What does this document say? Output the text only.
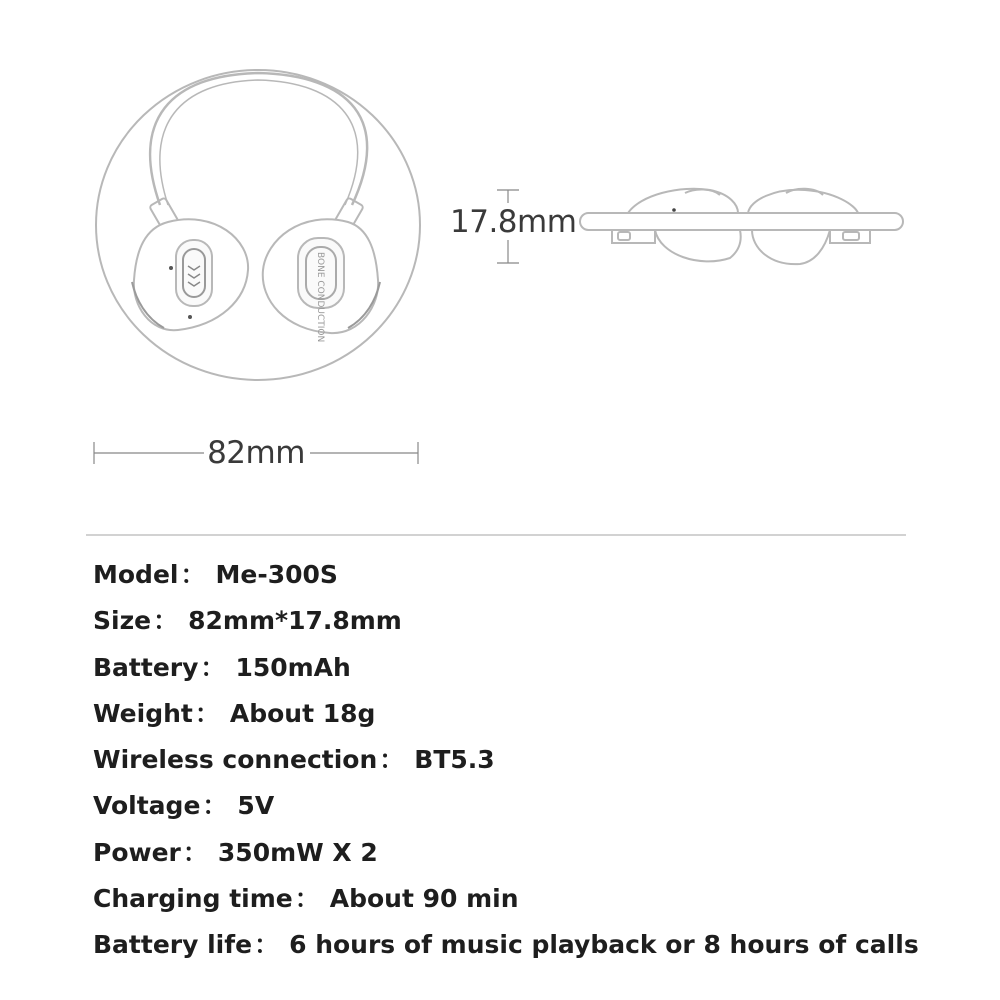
BONE CONDUCTION
82mm
17.8mm
Model： Me-300S
Size： 82mm*17.8mm
Battery： 150mAh
Weight： About 18g
Wireless connection： BT5.3
Voltage： 5V
Power： 350mW X 2
Charging time： About 90 min
Battery life： 6 hours of music playback or 8 hours of calls
